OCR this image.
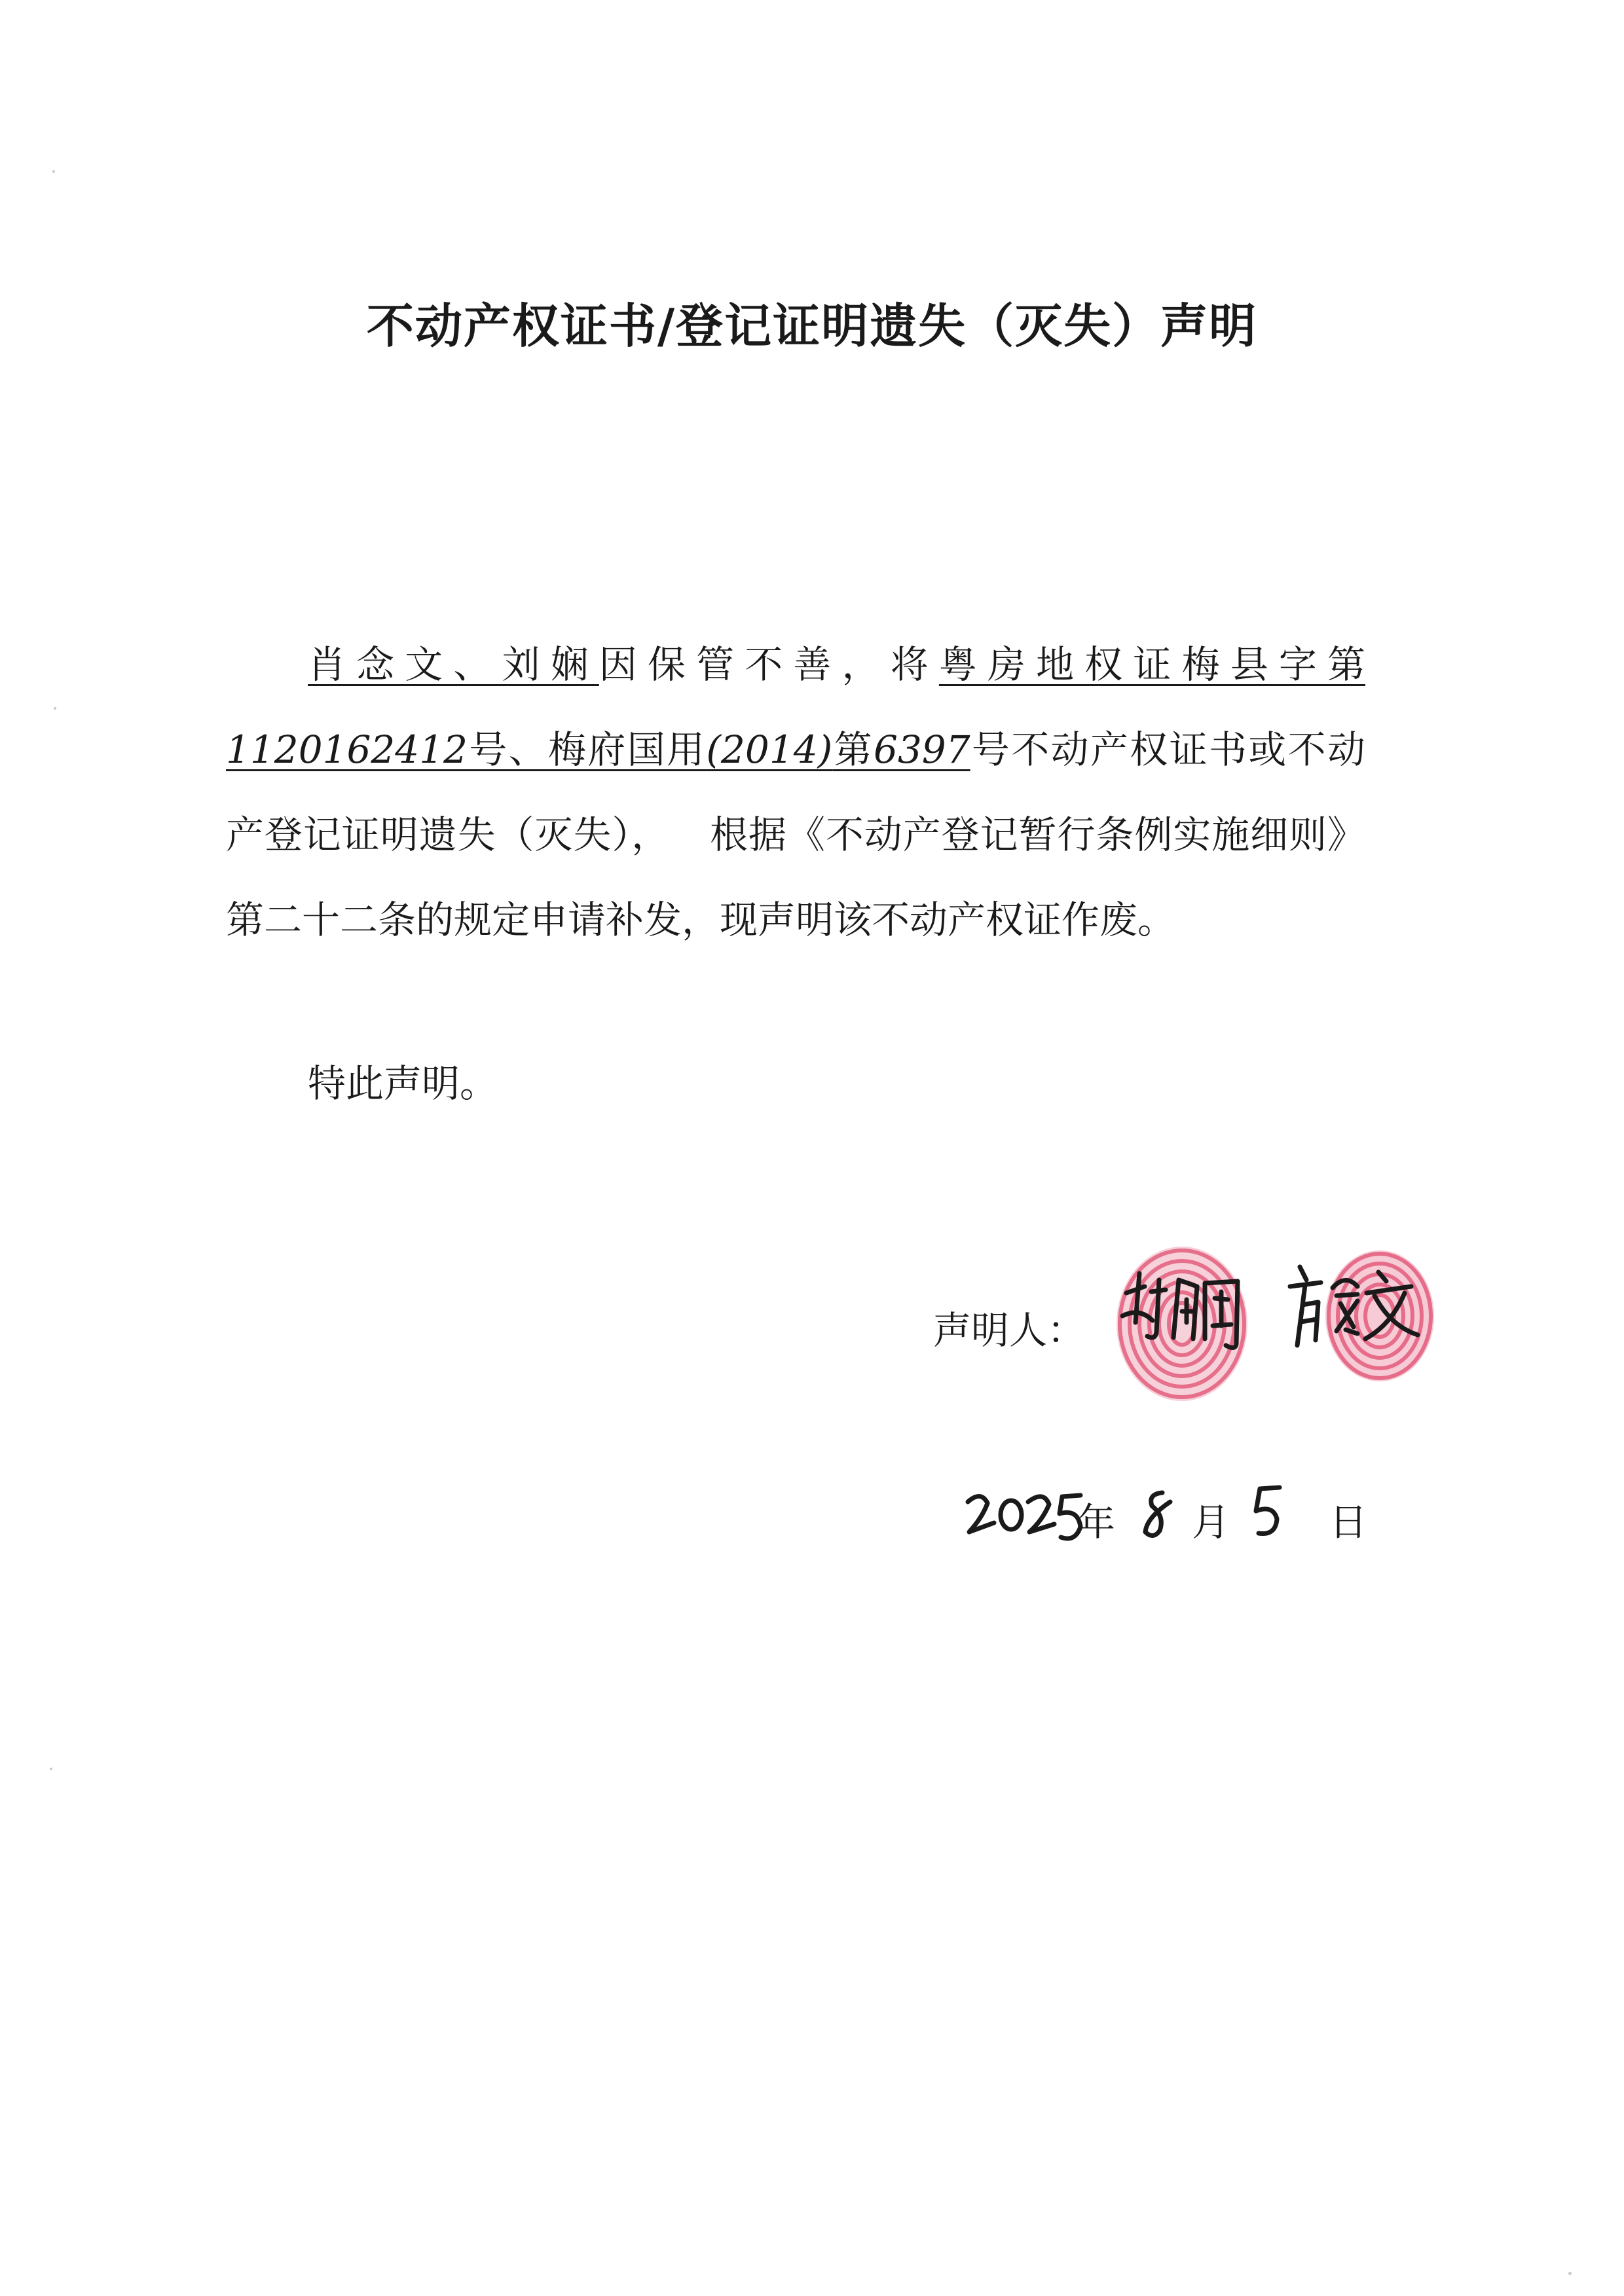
不动产权证书/登记证明遗失（灭失）声明

肖念文、刘娴因保管不善，将粤房地权证梅县字第1120162412号、梅府国用(2014)第6397号不动产权证书或不动产登记证明遗失（灭失）， 根据《不动产登记暂行条例实施细则》第二十二条的规定申请补发，现声明该不动产权证作废。

特此声明。

声明人：
年 月	日
